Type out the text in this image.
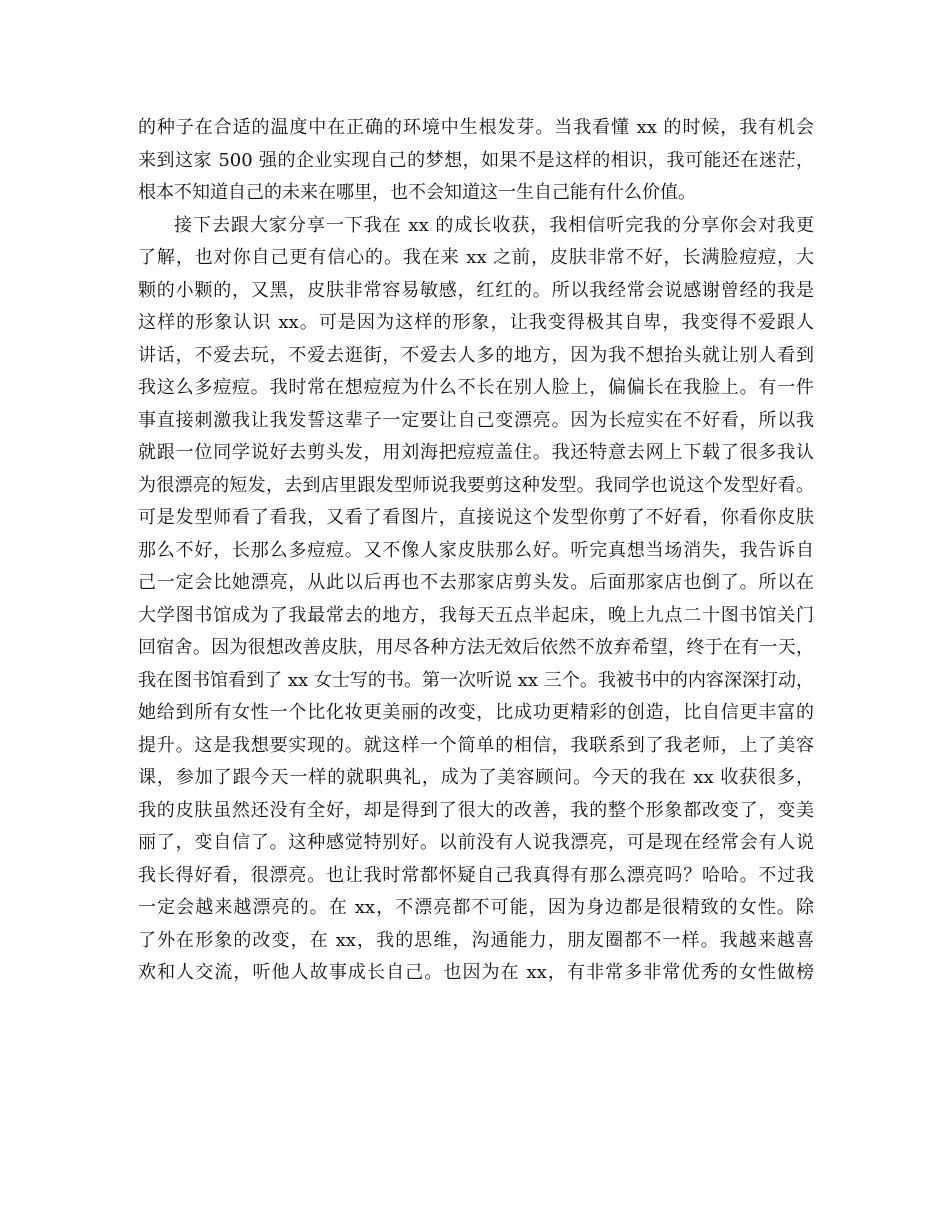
的种子在合适的温度中在正确的环境中生根发芽。当我看懂 xx 的时候，我有机会
来到这家 500 强的企业实现自己的梦想，如果不是这样的相识，我可能还在迷茫，
根本不知道自己的未来在哪里，也不会知道这一生自己能有什么价值。
接下去跟大家分享一下我在 xx 的成长收获，我相信听完我的分享你会对我更
了解，也对你自己更有信心的。我在来 xx 之前，皮肤非常不好，长满脸痘痘，大
颗的小颗的，又黑，皮肤非常容易敏感，红红的。所以我经常会说感谢曾经的我是
这样的形象认识 xx。可是因为这样的形象，让我变得极其自卑，我变得不爱跟人
讲话，不爱去玩，不爱去逛街，不爱去人多的地方，因为我不想抬头就让别人看到
我这么多痘痘。我时常在想痘痘为什么不长在别人脸上，偏偏长在我脸上。有一件
事直接刺激我让我发誓这辈子一定要让自己变漂亮。因为长痘实在不好看，所以我
就跟一位同学说好去剪头发，用刘海把痘痘盖住。我还特意去网上下载了很多我认
为很漂亮的短发，去到店里跟发型师说我要剪这种发型。我同学也说这个发型好看。
可是发型师看了看我，又看了看图片，直接说这个发型你剪了不好看，你看你皮肤
那么不好，长那么多痘痘。又不像人家皮肤那么好。听完真想当场消失，我告诉自
己一定会比她漂亮，从此以后再也不去那家店剪头发。后面那家店也倒了。所以在
大学图书馆成为了我最常去的地方，我每天五点半起床，晚上九点二十图书馆关门
回宿舍。因为很想改善皮肤，用尽各种方法无效后依然不放弃希望，终于在有一天，
我在图书馆看到了 xx 女士写的书。第一次听说 xx 三个。我被书中的内容深深打动，
她给到所有女性一个比化妆更美丽的改变，比成功更精彩的创造，比自信更丰富的
提升。这是我想要实现的。就这样一个简单的相信，我联系到了我老师，上了美容
课，参加了跟今天一样的就职典礼，成为了美容顾问。今天的我在 xx 收获很多，
我的皮肤虽然还没有全好，却是得到了很大的改善，我的整个形象都改变了，变美
丽了，变自信了。这种感觉特别好。以前没有人说我漂亮，可是现在经常会有人说
我长得好看，很漂亮。也让我时常都怀疑自己我真得有那么漂亮吗？哈哈。不过我
一定会越来越漂亮的。在 xx，不漂亮都不可能，因为身边都是很精致的女性。除
了外在形象的改变，在 xx，我的思维，沟通能力，朋友圈都不一样。我越来越喜
欢和人交流，听他人故事成长自己。也因为在 xx，有非常多非常优秀的女性做榜
